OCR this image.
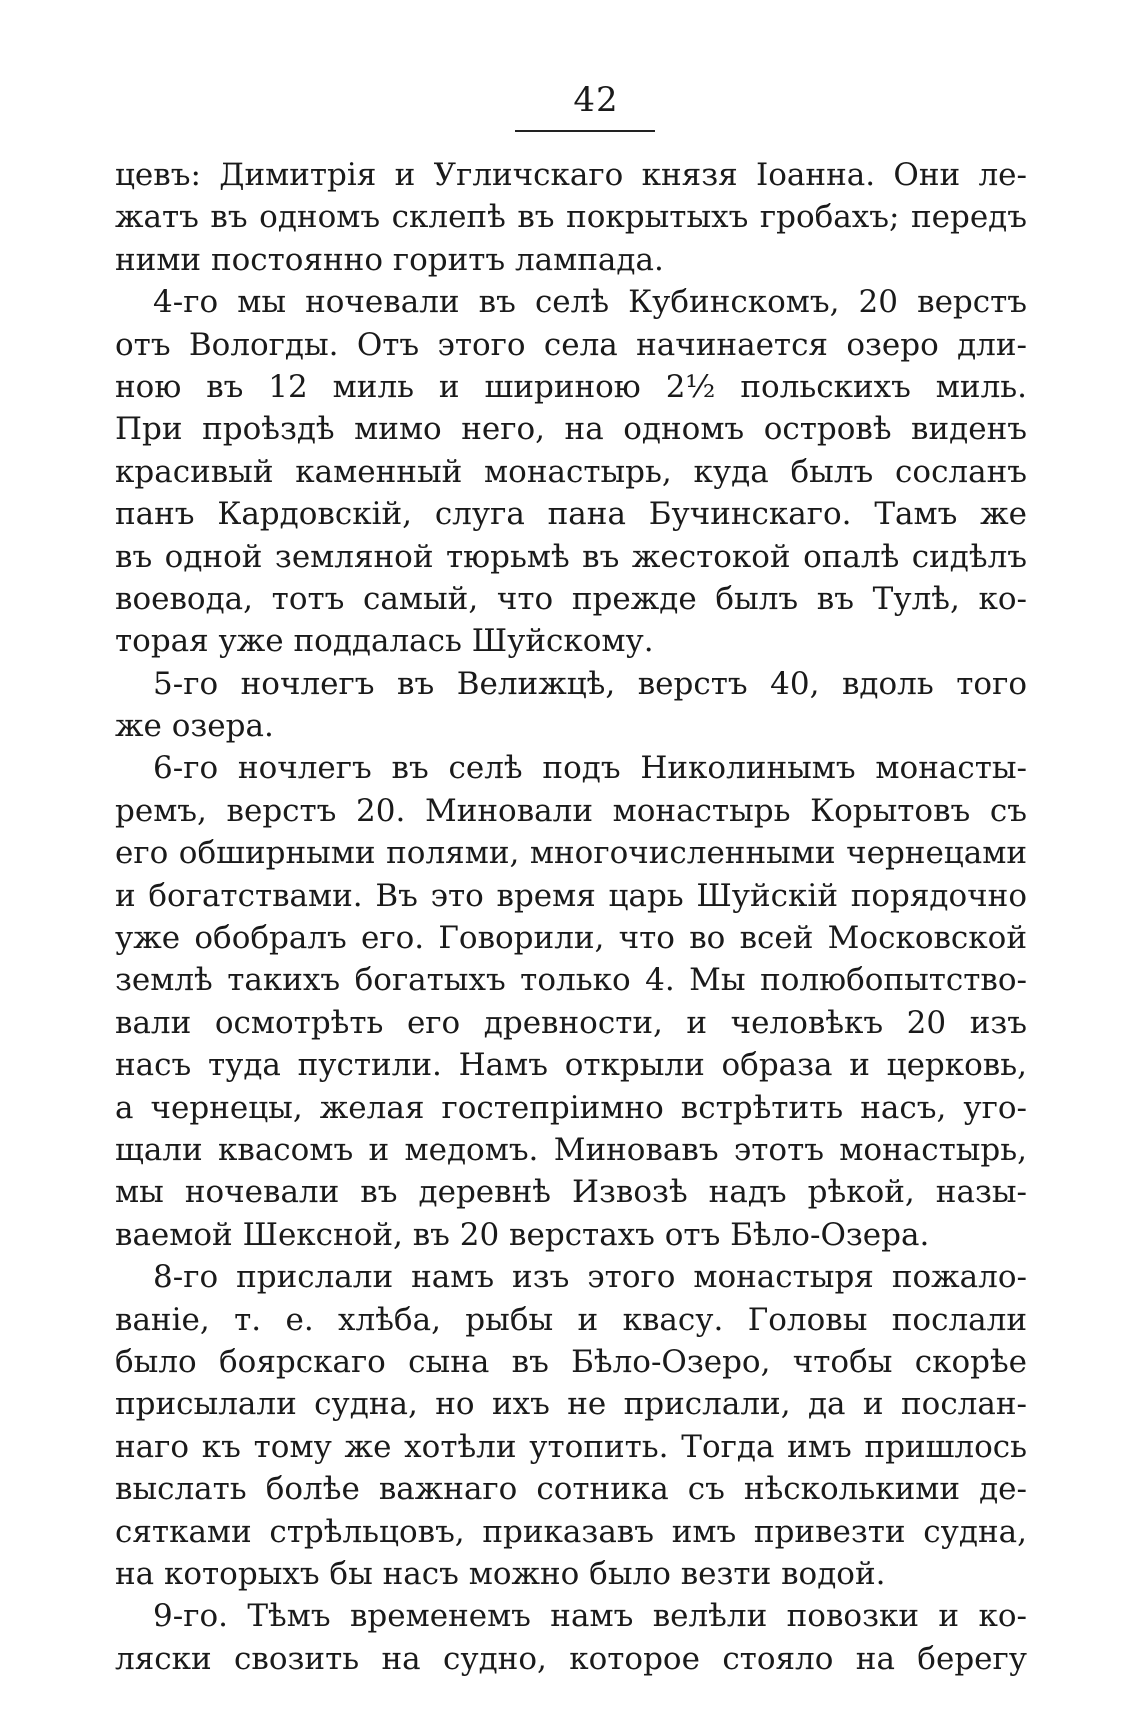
42
цевъ: Димитрія и Угличскаго князя Іоанна. Они ле-
жатъ въ одномъ склепѣ въ покрытыхъ гробахъ; передъ
ними постоянно горитъ лампада.
4-го мы ночевали въ селѣ Кубинскомъ, 20 верстъ
отъ Вологды. Отъ этого села начинается озеро дли-
ною въ 12 миль и шириною 2½ польскихъ миль.
При проѣздѣ мимо него, на одномъ островѣ виденъ
красивый каменный монастырь, куда былъ сосланъ
панъ Кардовскій, слуга пана Бучинскаго. Тамъ же
въ одной земляной тюрьмѣ въ жестокой опалѣ сидѣлъ
воевода, тотъ самый, что прежде былъ въ Тулѣ, ко-
торая уже поддалась Шуйскому.
5-го ночлегъ въ Велижцѣ, верстъ 40, вдоль того
же озера.
6-го ночлегъ въ селѣ подъ Николинымъ монасты-
ремъ, верстъ 20. Миновали монастырь Корытовъ съ
его обширными полями, многочисленными чернецами
и богатствами. Въ это время царь Шуйскій порядочно
уже обобралъ его. Говорили, что во всей Московской
землѣ такихъ богатыхъ только 4. Мы полюбопытство-
вали осмотрѣть его древности, и человѣкъ 20 изъ
насъ туда пустили. Намъ открыли образа и церковь,
а чернецы, желая гостепріимно встрѣтить насъ, уго-
щали квасомъ и медомъ. Миновавъ этотъ монастырь,
мы ночевали въ деревнѣ Извозѣ надъ рѣкой, назы-
ваемой Шексной, въ 20 верстахъ отъ Бѣло-Озера.
8-го прислали намъ изъ этого монастыря пожало-
ваніе, т. е. хлѣба, рыбы и квасу. Головы послали
было боярскаго сына въ Бѣло-Озеро, чтобы скорѣе
присылали судна, но ихъ не прислали, да и послан-
наго къ тому же хотѣли утопить. Тогда имъ пришлось
выслать болѣе важнаго сотника съ нѣсколькими де-
сятками стрѣльцовъ, приказавъ имъ привезти судна,
на которыхъ бы насъ можно было везти водой.
9-го. Тѣмъ временемъ намъ велѣли повозки и ко-
ляски свозить на судно, которое стояло на берегу
